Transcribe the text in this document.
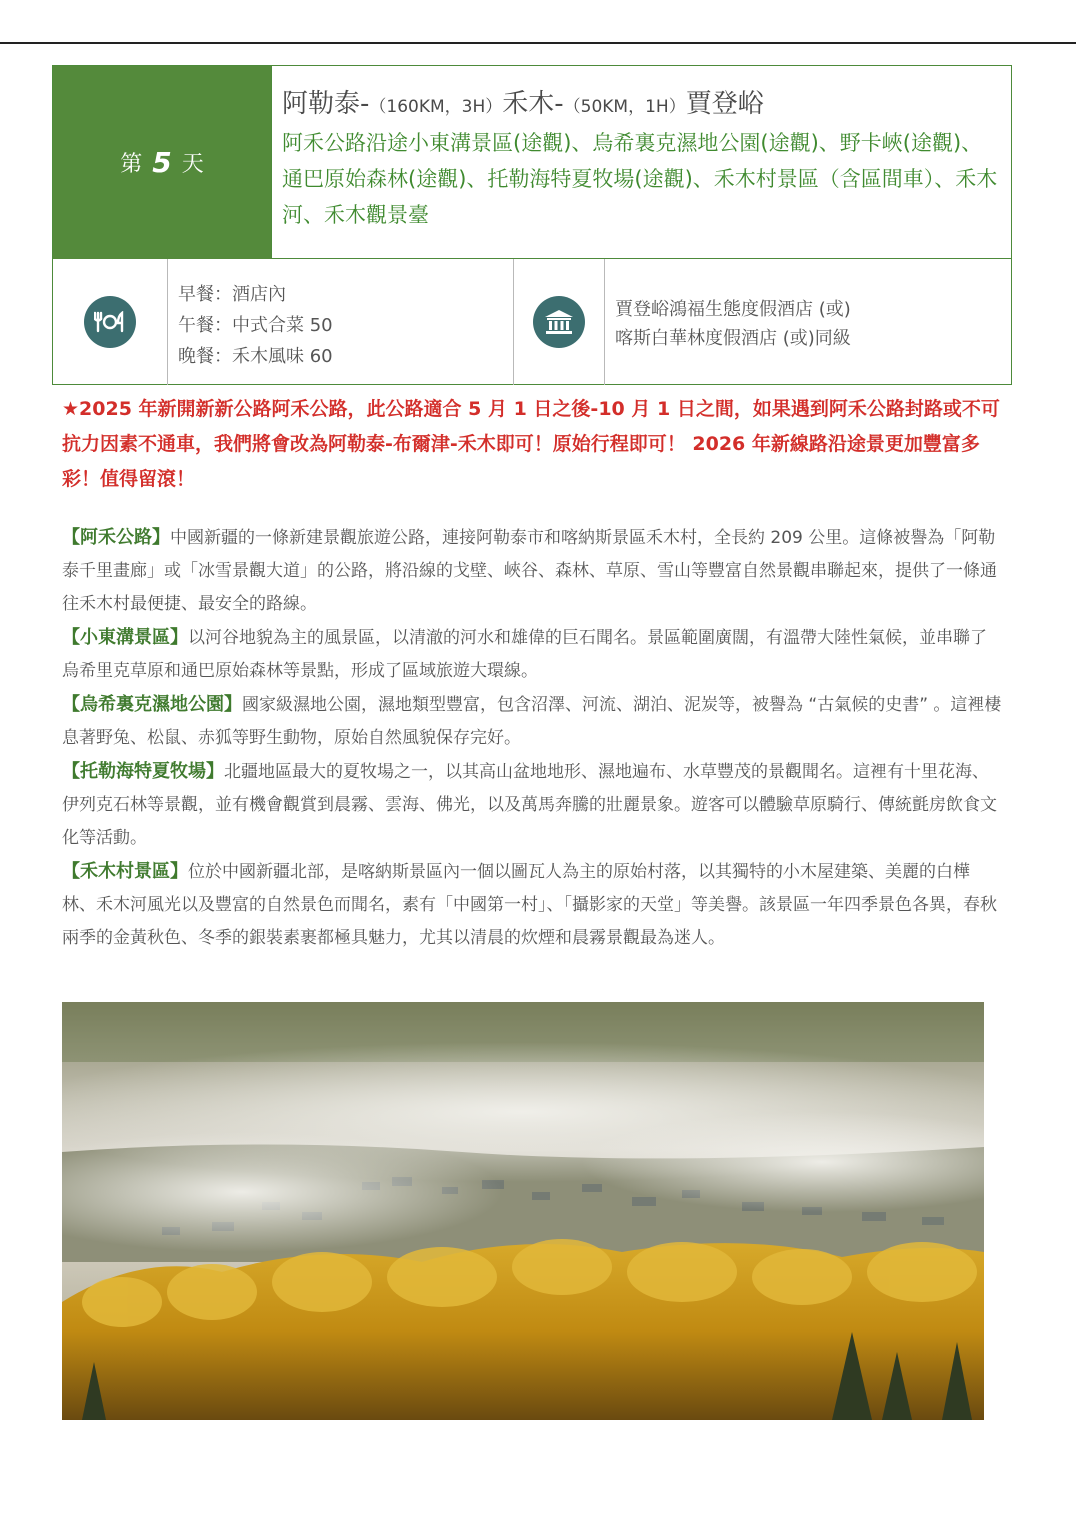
第 5 天
阿勒泰-（160KM，3H）禾木-（50KM，1H）賈登峪
阿禾公路沿途小東溝景區(途觀)、烏希裏克濕地公園(途觀)、野卡峽(途觀)、通巴原始森林(途觀)、托勒海特夏牧場(途觀)、禾木村景區（含區間車）、禾木河、禾木觀景臺
早餐：酒店內
午餐：中式合菜 50
晚餐：禾木風味 60
賈登峪鴻福生態度假酒店 (或)
喀斯白華林度假酒店 (或)同級
★2025 年新開新新公路阿禾公路，此公路適合 5 月 1 日之後-10 月 1 日之間，如果遇到阿禾公路封路或不可抗力因素不通車，我們將會改為阿勒泰-布爾津-禾木即可！原始行程即可！ 2026 年新線路沿途景更加豐富多彩！值得留滾！

【阿禾公路】中國新疆的一條新建景觀旅遊公路，連接阿勒泰市和喀納斯景區禾木村，全長約 209 公里。這條被譽為「阿勒泰千里畫廊」或「冰雪景觀大道」的公路，將沿線的戈壁、峽谷、森林、草原、雪山等豐富自然景觀串聯起來，提供了一條通往禾木村最便捷、最安全的路線。

【小東溝景區】以河谷地貌為主的風景區，以清澈的河水和雄偉的巨石聞名。景區範圍廣闊，有溫帶大陸性氣候，並串聯了烏希里克草原和通巴原始森林等景點，形成了區域旅遊大環線。

【烏希裏克濕地公園】國家級濕地公園，濕地類型豐富，包含沼澤、河流、湖泊、泥炭等，被譽為 “古氣候的史書” 。這裡棲息著野兔、松鼠、赤狐等野生動物，原始自然風貌保存完好。

【托勒海特夏牧場】北疆地區最大的夏牧場之一，以其高山盆地地形、濕地遍布、水草豐茂的景觀聞名。這裡有十里花海、伊列克石林等景觀，並有機會觀賞到晨霧、雲海、佛光，以及萬馬奔騰的壯麗景象。遊客可以體驗草原騎行、傳統氈房飲食文化等活動。

【禾木村景區】位於中國新疆北部，是喀納斯景區內一個以圖瓦人為主的原始村落，以其獨特的小木屋建築、美麗的白樺林、禾木河風光以及豐富的自然景色而聞名，素有「中國第一村」、「攝影家的天堂」等美譽。該景區一年四季景色各異，春秋兩季的金黃秋色、冬季的銀裝素裹都極具魅力，尤其以清晨的炊煙和晨霧景觀最為迷人。
